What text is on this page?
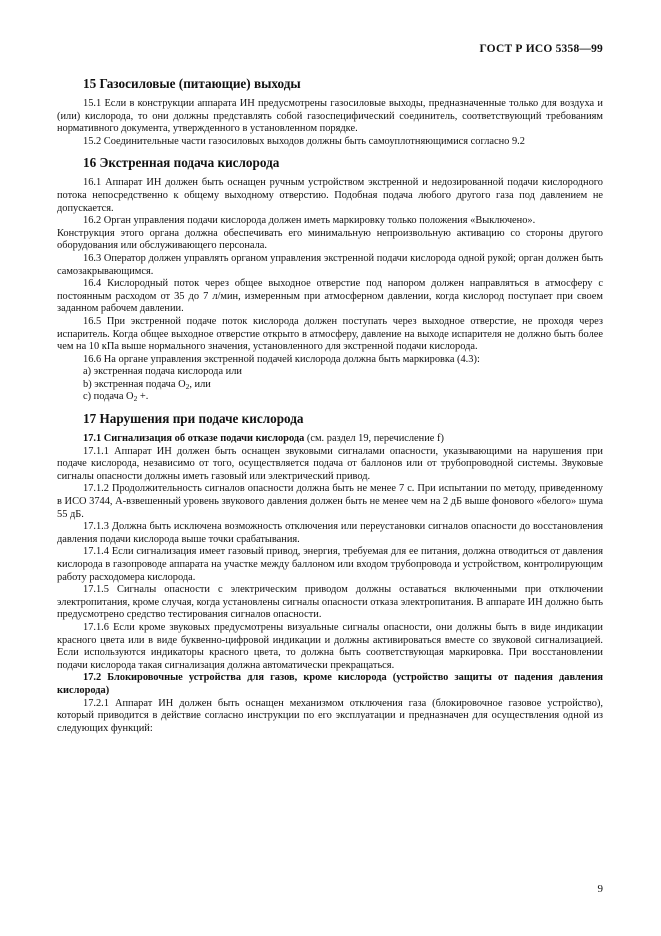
ГОСТ Р ИСО 5358—99
15 Газосиловые (питающие) выходы

15.1 Если в конструкции аппарата ИН предусмотрены газосиловые выходы, предназначенные только для воздуха и (или) кислорода, то они должны представлять собой газоспецифический соединитель, соответствующий требованиям нормативного документа, утвержденного в установленном порядке.

15.2 Соединительные части газосиловых выходов должны быть самоуплотняющимися согласно 9.2

16 Экстренная подача кислорода

16.1 Аппарат ИН должен быть оснащен ручным устройством экстренной и недозированной подачи кислородного потока непосредственно к общему выходному отверстию. Подобная подача любого другого газа под давлением не допускается.

16.2 Орган управления подачи кислорода должен иметь маркировку только положения «Выключено».

Конструкция этого органа должна обеспечивать его минимальную непроизвольную активацию со стороны другого оборудования или обслуживающего персонала.

16.3 Оператор должен управлять органом управления экстренной подачи кислорода одной рукой; орган должен быть самозакрывающимся.

16.4 Кислородный поток через общее выходное отверстие под напором должен направляться в атмосферу с постоянным расходом от 35 до 7 л/мин, измеренным при атмосферном давлении, когда кислород поступает при своем заданном рабочем давлении.

16.5 При экстренной подаче поток кислорода должен поступать через выходное отверстие, не проходя через испаритель. Когда общее выходное отверстие открыто в атмосферу, давление на выходе испарителя не должно быть более чем на 10 кПа выше нормального значения, установленного для экстренной подачи кислорода.

16.6 На органе управления экстренной подачей кислорода должна быть маркировка (4.3):

a) экстренная подача кислорода или

b) экстренная подача $O_2$, или

c) подача $O_2$ +.

17 Нарушения при подаче кислорода

17.1 Сигнализация об отказе подачи кислорода (см. раздел 19, перечисление f)

17.1.1 Аппарат ИН должен быть оснащен звуковыми сигналами опасности, указывающими на нарушения при подаче кислорода, независимо от того, осуществляется подача от баллонов или от трубопроводной системы. Звуковые сигналы опасности должны иметь газовый или электрический привод.

17.1.2 Продолжительность сигналов опасности должна быть не менее 7 с. При испытании по методу, приведенному в ИСО 3744, А-взвешенный уровень звукового давления должен быть не менее чем на 2 дБ выше фонового «белого» шума 55 дБ.

17.1.3 Должна быть исключена возможность отключения или переустановки сигналов опасности до восстановления давления подачи кислорода выше точки срабатывания.

17.1.4 Если сигнализация имеет газовый привод, энергия, требуемая для ее питания, должна отводиться от давления кислорода в газопроводе аппарата на участке между баллоном или входом трубопровода и устройством, контролирующим работу расходомера кислорода.

17.1.5 Сигналы опасности с электрическим приводом должны оставаться включенными при отключении электропитания, кроме случая, когда установлены сигналы опасности отказа электропитания. В аппарате ИН должно быть предусмотрено средство тестирования сигналов опасности.

17.1.6 Если кроме звуковых предусмотрены визуальные сигналы опасности, они должны быть в виде индикации красного цвета или в виде буквенно-цифровой индикации и должны активироваться вместе со звуковой сигнализацией. Если используются индикаторы красного цвета, то должна быть соответствующая маркировка. При восстановлении подачи кислорода такая сигнализация должна автоматически прекращаться.

17.2 Блокировочные устройства для газов, кроме кислорода (устройство защиты от падения давления кислорода)

17.2.1 Аппарат ИН должен быть оснащен механизмом отключения газа (блокировочное газовое устройство), который приводится в действие согласно инструкции по его эксплуатации и предназначен для осуществления одной из следующих функций:

9
